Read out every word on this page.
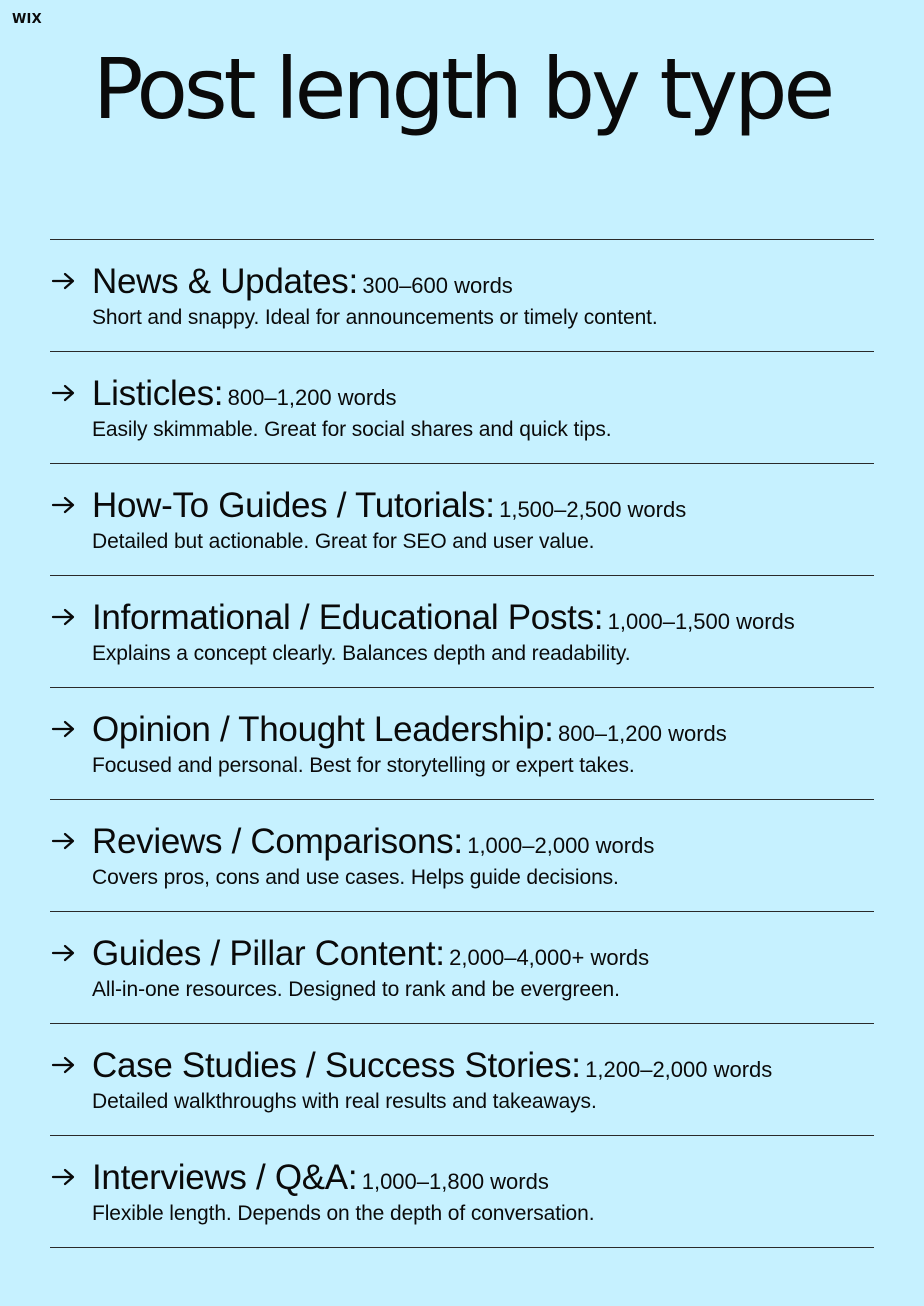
WIX
Post length by type
News & Updates: 300–600 words
Short and snappy. Ideal for announcements or timely content.
Listicles: 800–1,200 words
Easily skimmable. Great for social shares and quick tips.
How-To Guides / Tutorials: 1,500–2,500 words
Detailed but actionable. Great for SEO and user value.
Informational / Educational Posts: 1,000–1,500 words
Explains a concept clearly. Balances depth and readability.
Opinion / Thought Leadership: 800–1,200 words
Focused and personal. Best for storytelling or expert takes.
Reviews / Comparisons: 1,000–2,000 words
Covers pros, cons and use cases. Helps guide decisions.
Guides / Pillar Content: 2,000–4,000+ words
All-in-one resources. Designed to rank and be evergreen.
Case Studies / Success Stories: 1,200–2,000 words
Detailed walkthroughs with real results and takeaways.
Interviews / Q&A: 1,000–1,800 words
Flexible length. Depends on the depth of conversation.
